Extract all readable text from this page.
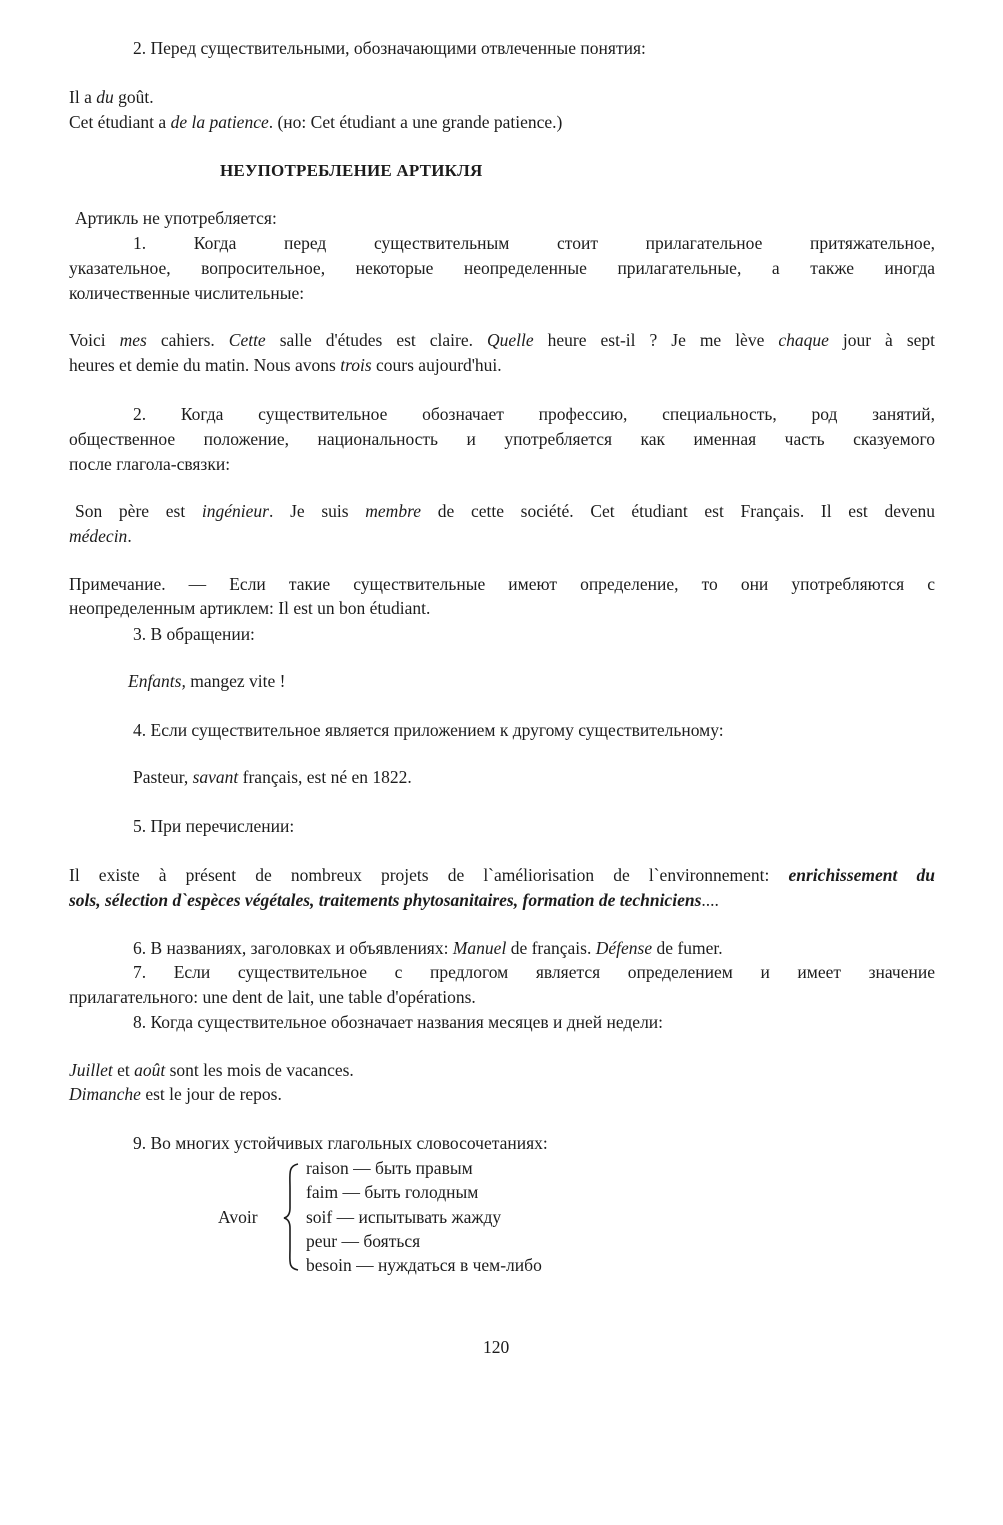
2. Перед существительными, обозначающими отвлеченные понятия:
Il a du goût.
Cet étudiant a de la patience. (но: Cet étudiant a une grande patience.)
НЕУПОТРЕБЛЕНИЕ АРТИКЛЯ
Артикль не употребляется:
1. Когда перед существительным стоит прилагательное притяжательное,
указательное, вопросительное, некоторые неопределенные прилагательные, а также иногда
количественные числительные:
Voici mes cahiers. Cette salle d'études est claire. Quelle heure est-il ? Je me lève chaque jour à sept
heures et demie du matin. Nous avons trois cours aujourd'hui.
2. Когда существительное обозначает профессию, специальность, род занятий,
общественное положение, национальность и употребляется как именная часть сказуемого
после глагола-связки:
Son père est ingénieur. Je suis membre de cette société. Cet étudiant est Français. Il est devenu
médecin.
Примечание. — Если такие существительные имеют определение, то они употребляются с
неопределенным артиклем: Il est un bon étudiant.
3. В обращении:
Enfants, mangez vite !
4. Если существительное является приложением к другому существительному:
Pasteur, savant français, est né en 1822.
5. При перечислении:
Il existe à présent de nombreux projets de l`améliorisation de l`environnement: enrichissement du
sols, sélection d`espèces végétales, traitements phytosanitaires, formation de techniciens....
6. В названиях, заголовках и объявлениях: Manuel de français. Défense de fumer.
7. Если существительное с предлогом является определением и имеет значение
прилагательного: une dent de lait, une table d'opérations.
8. Когда существительное обозначает названия месяцев и дней недели:
Juillet et août sont les mois de vacances.
Dimanche est le jour de repos.
9. Во многих устойчивых глагольных словосочетаниях:
Avoir
raison — быть правым
faim — быть голодным
soif — испытывать жажду
peur — бояться
besoin — нуждаться в чем-либо
120
